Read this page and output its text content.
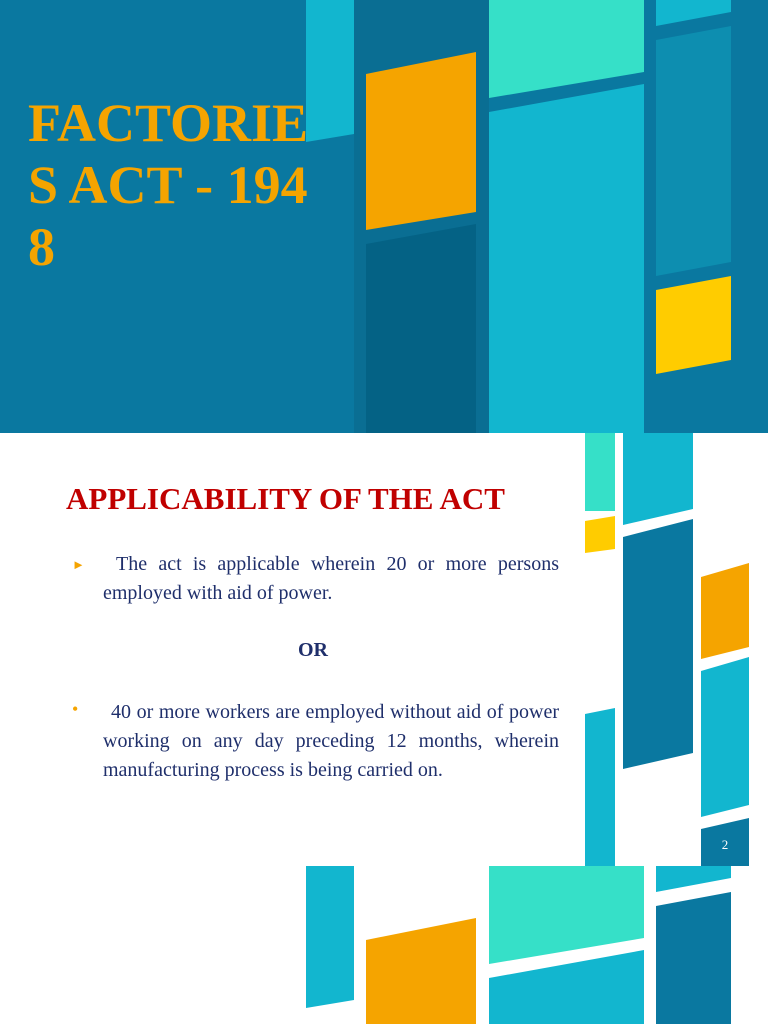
FACTORIES ACT - 1948
APPLICABILITY OF THE ACT
►	The act is applicable wherein 20 or more persons employed with aid of power.
OR
•	40 or more workers are employed without aid of power working on any day preceding 12 months, wherein manufacturing process is being carried on.
2
